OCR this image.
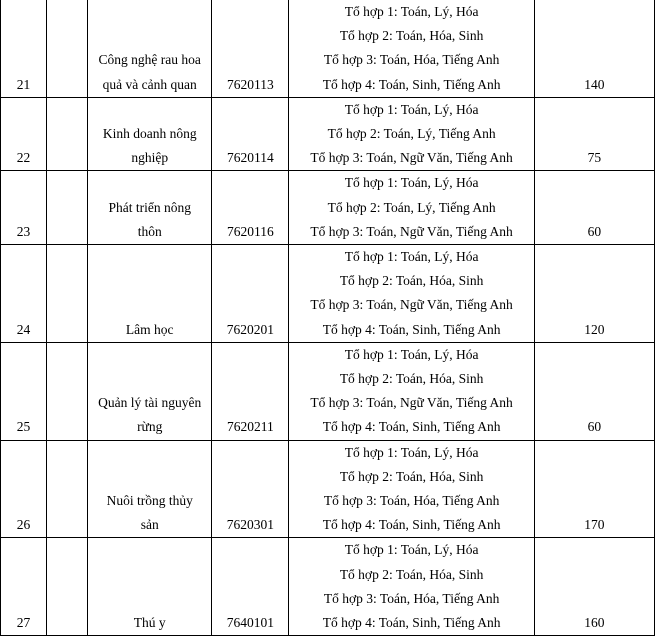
21		Công nghệ rau hoa
quả và cảnh quan	7620113	Tổ hợp 1: Toán, Lý, Hóa
Tổ hợp 2: Toán, Hóa, Sinh
Tổ hợp 3: Toán, Hóa, Tiếng Anh
Tổ hợp 4: Toán, Sinh, Tiếng Anh	140
22		Kinh doanh nông
nghiệp	7620114	Tổ hợp 1: Toán, Lý, Hóa
Tổ hợp 2: Toán, Lý, Tiếng Anh
Tổ hợp 3: Toán, Ngữ Văn, Tiếng Anh	75
23		Phát triển nông
thôn	7620116	Tổ hợp 1: Toán, Lý, Hóa
Tổ hợp 2: Toán, Lý, Tiếng Anh
Tổ hợp 3: Toán, Ngữ Văn, Tiếng Anh	60
24		Lâm học	7620201	Tổ hợp 1: Toán, Lý, Hóa
Tổ hợp 2: Toán, Hóa, Sinh
Tổ hợp 3: Toán, Ngữ Văn, Tiếng Anh
Tổ hợp 4: Toán, Sinh, Tiếng Anh	120
25		Quản lý tài nguyên
rừng	7620211	Tổ hợp 1: Toán, Lý, Hóa
Tổ hợp 2: Toán, Hóa, Sinh
Tổ hợp 3: Toán, Ngữ Văn, Tiếng Anh
Tổ hợp 4: Toán, Sinh, Tiếng Anh	60
26		Nuôi trồng thủy
sản	7620301	Tổ hợp 1: Toán, Lý, Hóa
Tổ hợp 2: Toán, Hóa, Sinh
Tổ hợp 3: Toán, Hóa, Tiếng Anh
Tổ hợp 4: Toán, Sinh, Tiếng Anh	170
27		Thú y	7640101	Tổ hợp 1: Toán, Lý, Hóa
Tổ hợp 2: Toán, Hóa, Sinh
Tổ hợp 3: Toán, Hóa, Tiếng Anh
Tổ hợp 4: Toán, Sinh, Tiếng Anh	160
